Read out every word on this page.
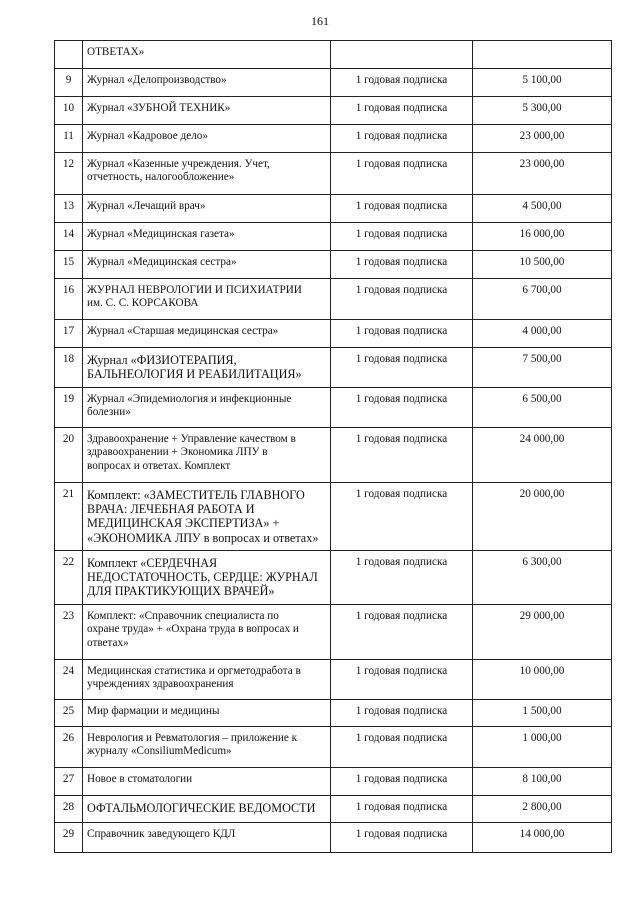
161
	ОТВЕТАХ»		
9	Журнал «Делопроизводство»	1 годовая подписка	5 100,00
10	Журнал «ЗУБНОЙ ТЕХНИК»	1 годовая подписка	5 300,00
11	Журнал «Кадровое дело»	1 годовая подписка	23 000,00
12	Журнал «Казенные учреждения. Учет,
отчетность, налогообложение»	1 годовая подписка	23 000,00
13	Журнал «Лечащий врач»	1 годовая подписка	4 500,00
14	Журнал «Медицинская газета»	1 годовая подписка	16 000,00
15	Журнал «Медицинская сестра»	1 годовая подписка	10 500,00
16	ЖУРНАЛ НЕВРОЛОГИИ И ПСИХИАТРИИ
им. С. С. КОРСАКОВА	1 годовая подписка	6 700,00
17	Журнал «Старшая медицинская сестра»	1 годовая подписка	4 000,00
18	Журнал «ФИЗИОТЕРАПИЯ,
БАЛЬНЕОЛОГИЯ И РЕАБИЛИТАЦИЯ»	1 годовая подписка	7 500,00
19	Журнал «Эпидемиология и инфекционные
болезни»	1 годовая подписка	6 500,00
20	Здравоохранение + Управление качеством в
здравоохранении + Экономика ЛПУ в
вопросах и ответах. Комплект	1 годовая подписка	24 000,00
21	Комплект: «ЗАМЕСТИТЕЛЬ ГЛАВНОГО
ВРАЧА: ЛЕЧЕБНАЯ РАБОТА И
МЕДИЦИНСКАЯ ЭКСПЕРТИЗА» +
«ЭКОНОМИКА ЛПУ в вопросах и ответах»	1 годовая подписка	20 000,00
22	Комплект «СЕРДЕЧНАЯ
НЕДОСТАТОЧНОСТЬ, СЕРДЦЕ: ЖУРНАЛ
ДЛЯ ПРАКТИКУЮЩИХ ВРАЧЕЙ»	1 годовая подписка	6 300,00
23	Комплект: «Справочник специалиста по
охране труда» + «Охрана труда в вопросах и
ответах»	1 годовая подписка	29 000,00
24	Медицинская статистика и оргметодработа в
учреждениях здравоохранения	1 годовая подписка	10 000,00
25	Мир фармации и медицины	1 годовая подписка	1 500,00
26	Неврология и Ревматология – приложение к
журналу «ConsiliumMedicum»	1 годовая подписка	1 000,00
27	Новое в стоматологии	1 годовая подписка	8 100,00
28	ОФТАЛЬМОЛОГИЧЕСКИЕ ВЕДОМОСТИ	1 годовая подписка	2 800,00
29	Справочник заведующего КДЛ	1 годовая подписка	14 000,00
